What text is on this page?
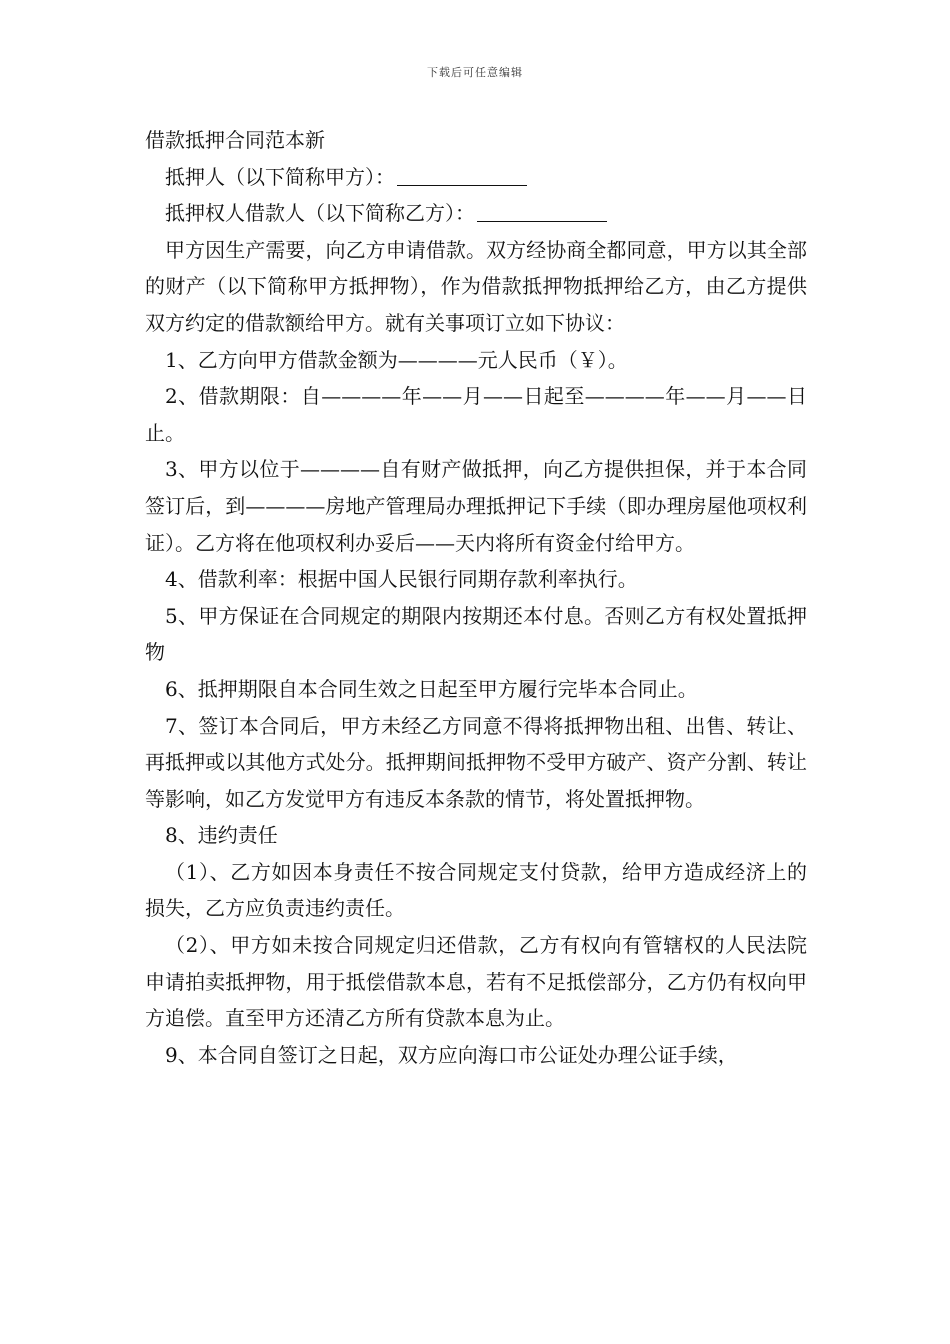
下载后可任意编辑

借款抵押合同范本新

抵押人（以下简称甲方）：

抵押权人借款人（以下简称乙方）：

甲方因生产需要，向乙方申请借款。双方经协商全都同意，甲方以其全部的财产（以下简称甲方抵押物），作为借款抵押物抵押给乙方，由乙方提供双方约定的借款额给甲方。就有关事项订立如下协议：

1、乙方向甲方借款金额为————元人民币（￥）。

2、借款期限：自————年——月——日起至————年——月——日止。

3、甲方以位于————自有财产做抵押，向乙方提供担保，并于本合同签订后，到————房地产管理局办理抵押记下手续（即办理房屋他项权利证）。乙方将在他项权利办妥后——天内将所有资金付给甲方。

4、借款利率：根据中国人民银行同期存款利率执行。

5、甲方保证在合同规定的期限内按期还本付息。否则乙方有权处置抵押物

6、抵押期限自本合同生效之日起至甲方履行完毕本合同止。

7、签订本合同后，甲方未经乙方同意不得将抵押物出租、出售、转让、再抵押或以其他方式处分。抵押期间抵押物不受甲方破产、资产分割、转让等影响，如乙方发觉甲方有违反本条款的情节，将处置抵押物。

8、违约责任

（1）、乙方如因本身责任不按合同规定支付贷款，给甲方造成经济上的损失，乙方应负责违约责任。

（2）、甲方如未按合同规定归还借款，乙方有权向有管辖权的人民法院申请拍卖抵押物，用于抵偿借款本息，若有不足抵偿部分，乙方仍有权向甲方追偿。直至甲方还清乙方所有贷款本息为止。

9、本合同自签订之日起，双方应向海口市公证处办理公证手续，
